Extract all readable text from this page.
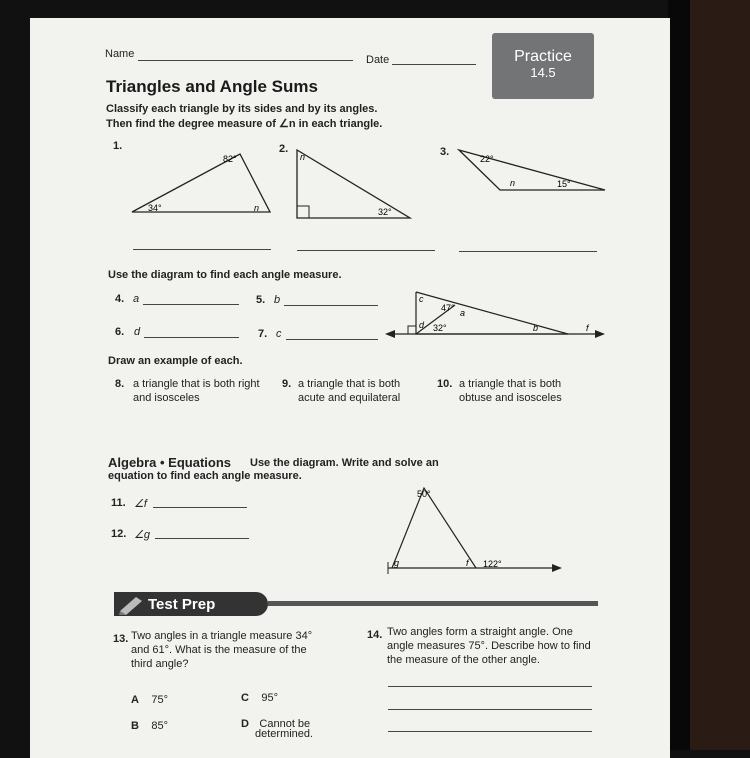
Name	Date	Practice
14.5
Triangles and Angle Sums
Classify each triangle by its sides and by its angles.
Then find the degree measure of ∠n in each triangle.
1.	2.	3.
82°
34°	n
n
32°
22°
n	15°
Use the diagram to find each angle measure.
4. a	5. b
6. d	7. c
c
47° a
d 32°	b	f
Draw an example of each.
8. a triangle that is both right
and isosceles
9. a triangle that is both
acute and equilateral
10. a triangle that is both
obtuse and isosceles
Algebra • Equations Use the diagram. Write and solve an
equation to find each angle measure.
11. ∠f
12. ∠g
50°
g	f 122°
Test Prep
13. Two angles in a triangle measure 34°
and 61°. What is the measure of the
third angle?
A 75°	C 95°
B 85°	D Cannot be
determined.
14. Two angles form a straight angle. One
angle measures 75°. Describe how to find
the measure of the other angle.
